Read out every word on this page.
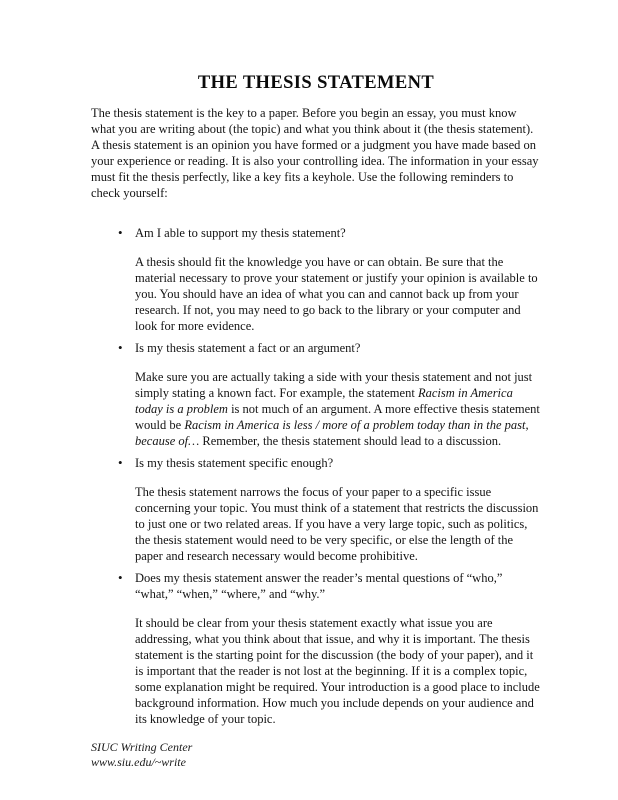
THE THESIS STATEMENT

The thesis statement is the key to a paper. Before you begin an essay, you must know what you are writing about (the topic) and what you think about it (the thesis statement). A thesis statement is an opinion you have formed or a judgment you have made based on your experience or reading. It is also your controlling idea. The information in your essay must fit the thesis perfectly, like a key fits a keyhole. Use the following reminders to check yourself:

• Am I able to support my thesis statement?

A thesis should fit the knowledge you have or can obtain. Be sure that the material necessary to prove your statement or justify your opinion is available to you. You should have an idea of what you can and cannot back up from your research. If not, you may need to go back to the library or your computer and look for more evidence.

• Is my thesis statement a fact or an argument?

Make sure you are actually taking a side with your thesis statement and not just simply stating a known fact. For example, the statement Racism in America today is a problem is not much of an argument. A more effective thesis statement would be Racism in America is less / more of a problem today than in the past, because of… Remember, the thesis statement should lead to a discussion.

• Is my thesis statement specific enough?

The thesis statement narrows the focus of your paper to a specific issue concerning your topic. You must think of a statement that restricts the discussion to just one or two related areas. If you have a very large topic, such as politics, the thesis statement would need to be very specific, or else the length of the paper and research necessary would become prohibitive.

• Does my thesis statement answer the reader’s mental questions of “who,” “what,” “when,” “where,” and “why.”

It should be clear from your thesis statement exactly what issue you are addressing, what you think about that issue, and why it is important. The thesis statement is the starting point for the discussion (the body of your paper), and it is important that the reader is not lost at the beginning. If it is a complex topic, some explanation might be required. Your introduction is a good place to include background information. How much you include depends on your audience and its knowledge of your topic.

SIUC Writing Center
www.siu.edu/~write
